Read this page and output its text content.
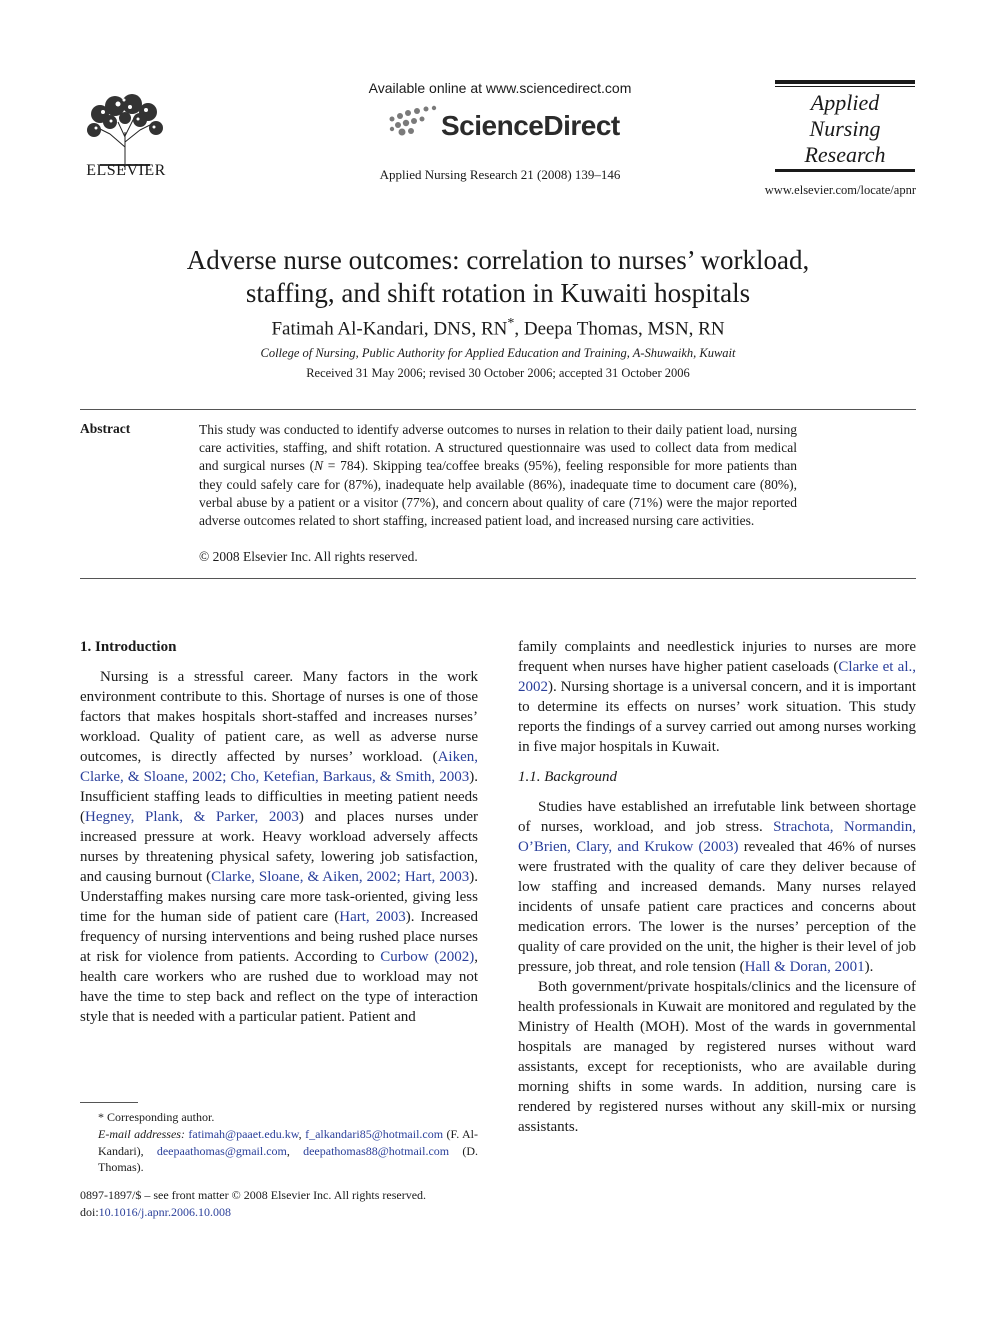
ELSEVIER
Available online at www.sciencedirect.com
ScienceDirect
Applied Nursing Research 21 (2008) 139–146
Applied
Nursing
Research
www.elsevier.com/locate/apnr
Adverse nurse outcomes: correlation to nurses’ workload,
staffing, and shift rotation in Kuwaiti hospitals
Fatimah Al-Kandari, DNS, RN*, Deepa Thomas, MSN, RN
College of Nursing, Public Authority for Applied Education and Training, A-Shuwaikh, Kuwait
Received 31 May 2006; revised 30 October 2006; accepted 31 October 2006
Abstract	This study was conducted to identify adverse outcomes to nurses in relation to their daily patient load, nursing care activities, staffing, and shift rotation. A structured questionnaire was used to collect data from medical and surgical nurses (N = 784). Skipping tea/coffee breaks (95%), feeling responsible for more patients than they could safely care for (87%), inadequate help available (86%), inadequate time to document care (80%), verbal abuse by a patient or a visitor (77%), and concern about quality of care (71%) were the major reported adverse outcomes related to short staffing, increased patient load, and increased nursing care activities.
© 2008 Elsevier Inc. All rights reserved.
1. Introduction

Nursing is a stressful career. Many factors in the work environment contribute to this. Shortage of nurses is one of those factors that makes hospitals short-staffed and increases nurses’ workload. Quality of patient care, as well as adverse nurse outcomes, is directly affected by nurses’ workload. (Aiken, Clarke, & Sloane, 2002; Cho, Ketefian, Barkaus, & Smith, 2003). Insufficient staffing leads to difficulties in meeting patient needs (Hegney, Plank, & Parker, 2003) and places nurses under increased pressure at work. Heavy workload adversely affects nurses by threatening physical safety, lowering job satisfaction, and causing burnout (Clarke, Sloane, & Aiken, 2002; Hart, 2003). Understaffing makes nursing care more task-oriented, giving less time for the human side of patient care (Hart, 2003). Increased frequency of nursing interventions and being rushed place nurses at risk for violence from patients. According to Curbow (2002), health care workers who are rushed due to workload may not have the time to step back and reflect on the type of interaction style that is needed with a particular patient. Patient and

* Corresponding author.
E-mail addresses: fatimah@paaet.edu.kw, f_alkandari85@hotmail.com (F. Al-Kandari), deepaathomas@gmail.com, deepathomas88@hotmail.com (D. Thomas).
0897-1897/$ – see front matter © 2008 Elsevier Inc. All rights reserved.
doi:10.1016/j.apnr.2006.10.008

family complaints and needlestick injuries to nurses are more frequent when nurses have higher patient caseloads (Clarke et al., 2002). Nursing shortage is a universal concern, and it is important to determine its effects on nurses’ work situation. This study reports the findings of a survey carried out among nurses working in five major hospitals in Kuwait.

1.1. Background

Studies have established an irrefutable link between shortage of nurses, workload, and job stress. Strachota, Normandin, O’Brien, Clary, and Krukow (2003) revealed that 46% of nurses were frustrated with the quality of care they deliver because of low staffing and increased demands. Many nurses relayed incidents of unsafe patient care practices and concerns about medication errors. The lower is the nurses’ perception of the quality of care provided on the unit, the higher is their level of job pressure, job threat, and role tension (Hall & Doran, 2001).

Both government/private hospitals/clinics and the licensure of health professionals in Kuwait are monitored and regulated by the Ministry of Health (MOH). Most of the wards in governmental hospitals are managed by registered nurses without ward assistants, except for receptionists, who are available during morning shifts in some wards. In addition, nursing care is rendered by registered nurses without any skill-mix or nursing assistants.
